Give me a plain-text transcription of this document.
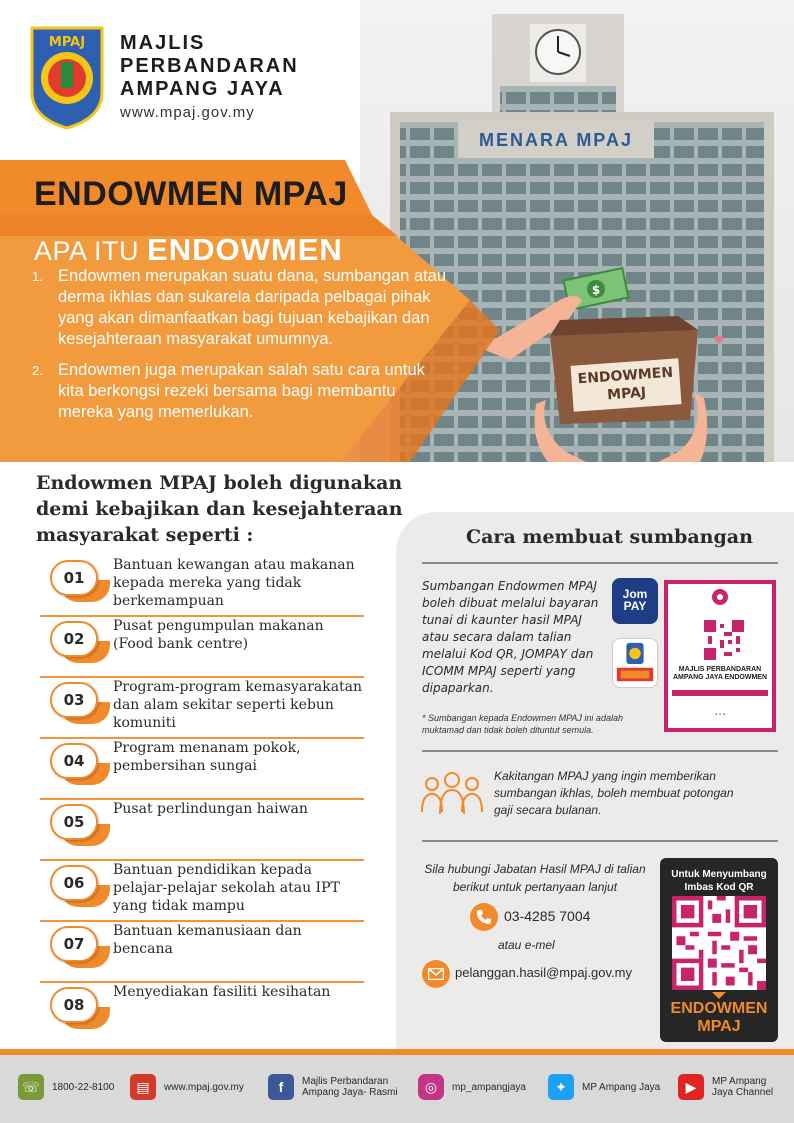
MENARA MPAJ
$
ENDOWMENMPAJ
MPAJ MAJLIS
PERBANDARAN
AMPANG JAYA
www.mpaj.gov.my
ENDOWMEN MPAJ
APA ITU ENDOWMEN
1. Endowmen merupakan suatu dana, sumbangan atau derma ikhlas dan sukarela daripada pelbagai pihak yang akan dimanfaatkan bagi tujuan kebajikan dan kesejahteraan masyarakat umumnya.
2. Endowmen juga merupakan salah satu cara untuk kita berkongsi rezeki bersama bagi membantu mereka yang memerlukan.
Endowmen MPAJ boleh digunakan demi kebajikan dan kesejahteraan masyarakat seperti :
01
Bantuan kewangan atau makanan kepada mereka yang tidak berkemampuan
02
Pusat pengumpulan makanan (Food bank centre)
03
Program-program kemasyarakatan dan alam sekitar seperti kebun komuniti
04
Program menanam pokok, pembersihan sungai
05
Pusat perlindungan haiwan
06
Bantuan pendidikan kepada pelajar-pelajar sekolah atau IPT yang tidak mampu
07
Bantuan kemanusiaan dan bencana
08
Menyediakan fasiliti kesihatan
Cara membuat sumbangan
Sumbangan Endowmen MPAJ boleh dibuat melalui bayaran tunai di kaunter hasil MPAJ atau secara dalam talian melalui Kod QR, JOMPAY dan ICOMM MPAJ seperti yang dipaparkan.
* Sumbangan kepada Endowmen MPAJ ini adalah muktamad dan tidak boleh dituntut semula.
Jom PAY
MAJLIS PERBANDARAN AMPANG JAYA ENDOWMEN
▪ ▪ ▪
Kakitangan MPAJ yang ingin memberikan sumbangan ikhlas, boleh membuat potongan gaji secara bulanan.
Sila hubungi Jabatan Hasil MPAJ di talian berikut untuk pertanyaan lanjut
03-4285 7004
atau e-mel
pelanggan.hasil@mpaj.gov.my
Untuk Menyumbang Imbas Kod QR
ENDOWMEN MPAJ
☏	1800-22-8100	▤	www.mpaj.gov.my	f	Majlis Perbandaran Ampang Jaya- Rasmi	◎	mp_ampangjaya	✦	MP Ampang Jaya	▶	MP Ampang Jaya Channel
